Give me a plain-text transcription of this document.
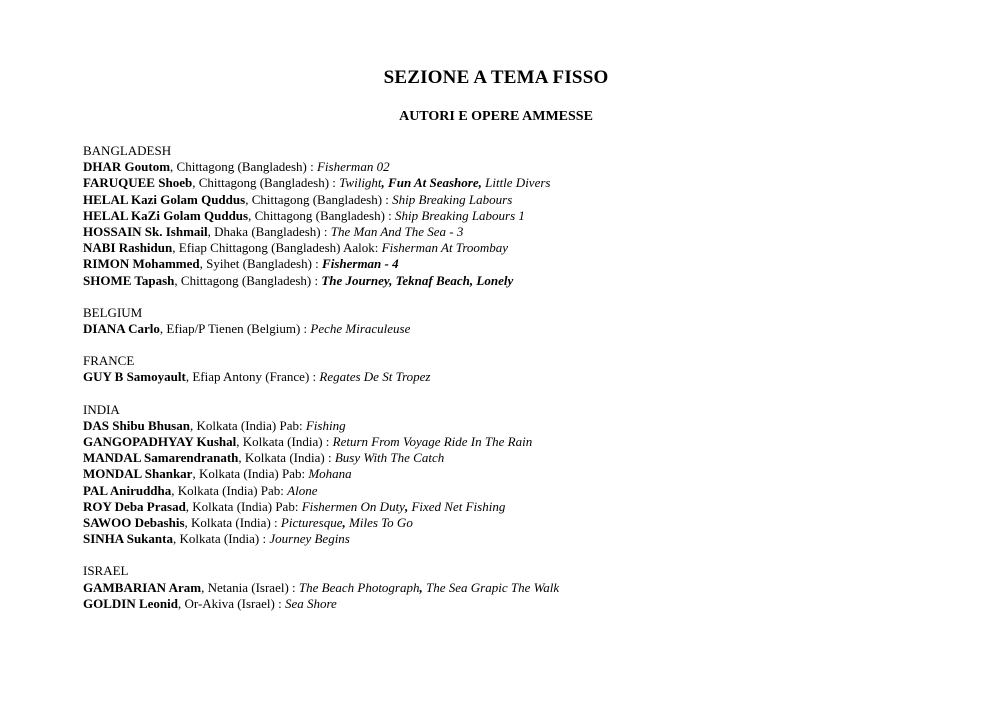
SEZIONE A TEMA FISSO
AUTORI E OPERE AMMESSE
BANGLADESH
DHAR Goutom, Chittagong (Bangladesh) : Fisherman 02
FARUQUEE Shoeb, Chittagong (Bangladesh) : Twilight, Fun At Seashore, Little Divers
HELAL Kazi Golam Quddus, Chittagong (Bangladesh) : Ship Breaking Labours
HELAL KaZi Golam Quddus, Chittagong (Bangladesh) : Ship Breaking Labours 1
HOSSAIN Sk. Ishmail, Dhaka (Bangladesh) : The Man And The Sea - 3
NABI Rashidun, Efiap Chittagong (Bangladesh) Aalok: Fisherman At Troombay
RIMON Mohammed, Syihet (Bangladesh) : Fisherman - 4
SHOME Tapash, Chittagong (Bangladesh) : The Journey, Teknaf Beach, Lonely
BELGIUM
DIANA Carlo, Efiap/P Tienen (Belgium) : Peche Miraculeuse
FRANCE
GUY B Samoyault, Efiap Antony (France) : Regates De St Tropez
INDIA
DAS Shibu Bhusan, Kolkata (India) Pab: Fishing
GANGOPADHYAY Kushal, Kolkata (India) : Return From Voyage Ride In The Rain
MANDAL Samarendranath, Kolkata (India) : Busy With The Catch
MONDAL Shankar, Kolkata (India) Pab: Mohana
PAL Aniruddha, Kolkata (India) Pab: Alone
ROY Deba Prasad, Kolkata (India) Pab: Fishermen On Duty, Fixed Net Fishing
SAWOO Debashis, Kolkata (India) : Picturesque, Miles To Go
SINHA Sukanta, Kolkata (India) : Journey Begins
ISRAEL
GAMBARIAN Aram, Netania (Israel) : The Beach Photograph, The Sea Grapic The Walk
GOLDIN Leonid, Or-Akiva (Israel) : Sea Shore
